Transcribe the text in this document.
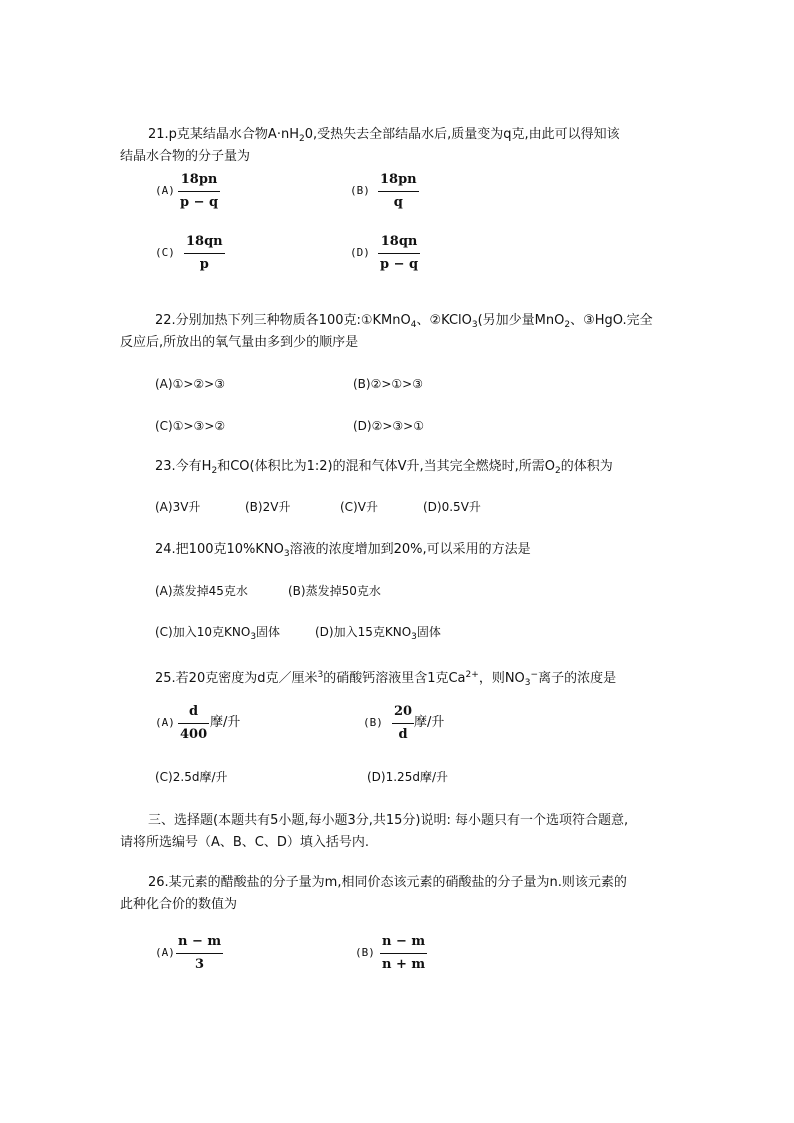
21.p克某结晶水合物$A\cdot nH_20$,受热失去全部结晶水后,质量变为q克,由此可以得知该
结晶水合物的分子量为
(A)
18pn
p − q
(B)
18pn
q
(C)
18qn
p
(D)
18qn
p − q
22.分别加热下列三种物质各100克:①KMnO$_4$、②KClO$_3$(另加少量MnO$_2$、③HgO.完全
反应后,所放出的氧气量由多到少的顺序是
(A)①>②>③	(B)②>①>③
(C)①>③>②	(D)②>③>①
23.今有$H_2$和CO(体积比为1:2)的混和气体V升,当其完全燃烧时,所需$O_2$的体积为
(A)3V升	(B)2V升	(C)V升	(D)0.5V升
24.把100克$10\%KNO_3$溶液的浓度增加到20%,可以采用的方法是
(A)蒸发掉45克水	(B)蒸发掉50克水
(C)加入10克$KNO_3$固体	(D)加入15克$KNO_3$固体
25.若20克密度为d克／厘米$^3$的硝酸钙溶液里含1克$Ca^{2+}$，则$NO_3^-$离子的浓度是
(A)
d
400
摩/升	(B)
20
d
摩/升
(C)2.5d摩/升	(D)1.25d摩/升
三、选择题(本题共有5小题,每小题3分,共15分)说明: 每小题只有一个选项符合题意,
请将所选编号（A、B、C、D）填入括号内.
26.某元素的醋酸盐的分子量为m,相同价态该元素的硝酸盐的分子量为n.则该元素的
此种化合价的数值为
(A)
n − m
3
(B)
n − m
n + m
